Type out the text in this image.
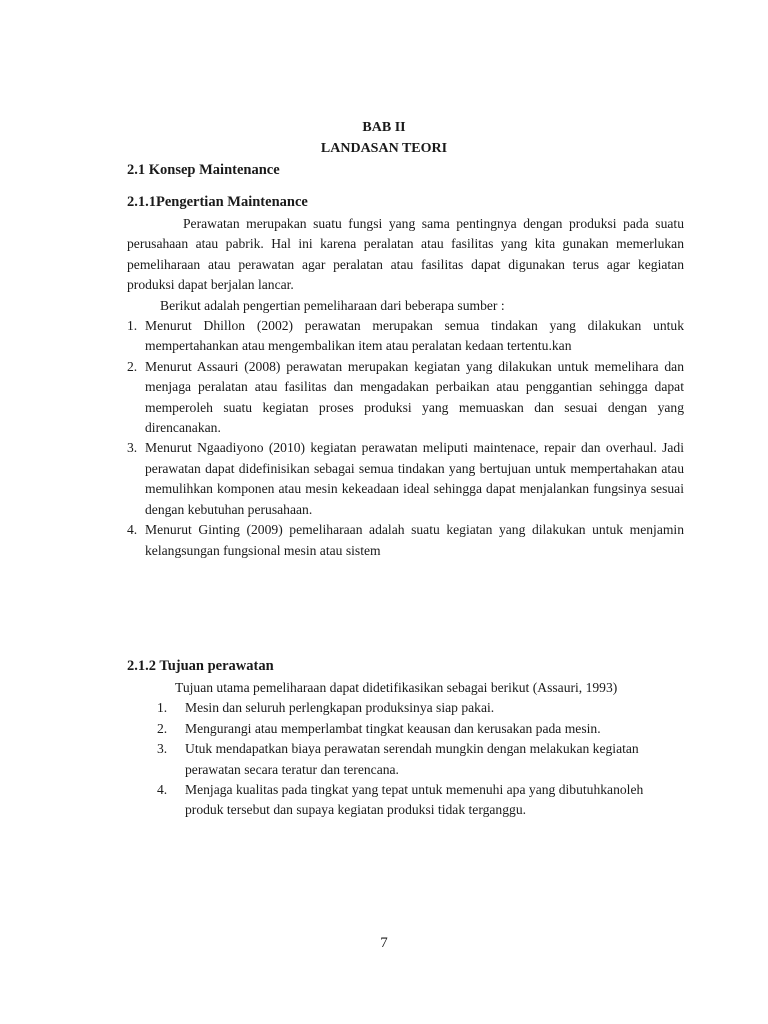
BAB II
LANDASAN TEORI
2.1 Konsep Maintenance
2.1.1Pengertian Maintenance

Perawatan merupakan suatu fungsi yang sama pentingnya dengan produksi pada suatu perusahaan atau pabrik. Hal ini karena peralatan atau fasilitas yang kita gunakan memerlukan pemeliharaan atau perawatan agar peralatan atau fasilitas dapat digunakan terus agar kegiatan produksi dapat berjalan lancar.

Berikut adalah pengertian pemeliharaan dari beberapa sumber :

1. Menurut Dhillon (2002) perawatan merupakan semua tindakan yang dilakukan untuk mempertahankan atau mengembalikan item atau peralatan kedaan tertentu.kan
2. Menurut Assauri (2008) perawatan merupakan kegiatan yang dilakukan untuk memelihara dan menjaga peralatan atau fasilitas dan mengadakan perbaikan atau penggantian sehingga dapat memperoleh suatu kegiatan proses produksi yang memuaskan dan sesuai dengan yang direncanakan.
3. Menurut Ngaadiyono (2010) kegiatan perawatan meliputi maintenace, repair dan overhaul. Jadi perawatan dapat didefinisikan sebagai semua tindakan yang bertujuan untuk mempertahakan atau memulihkan komponen atau mesin kekeadaan ideal sehingga dapat menjalankan fungsinya sesuai dengan kebutuhan perusahaan.
4. Menurut Ginting (2009) pemeliharaan adalah suatu kegiatan yang dilakukan untuk menjamin kelangsungan fungsional mesin atau sistem
2.1.2 Tujuan perawatan

Tujuan utama pemeliharaan dapat didetifikasikan sebagai berikut (Assauri, 1993)

1. Mesin dan seluruh perlengkapan produksinya siap pakai.
2. Mengurangi atau memperlambat tingkat keausan dan kerusakan pada mesin.
3. Utuk mendapatkan biaya perawatan serendah mungkin dengan melakukan kegiatan perawatan secara teratur dan terencana.
4. Menjaga kualitas pada tingkat yang tepat untuk memenuhi apa yang dibutuhkanoleh produk tersebut dan supaya kegiatan produksi tidak terganggu.
7
